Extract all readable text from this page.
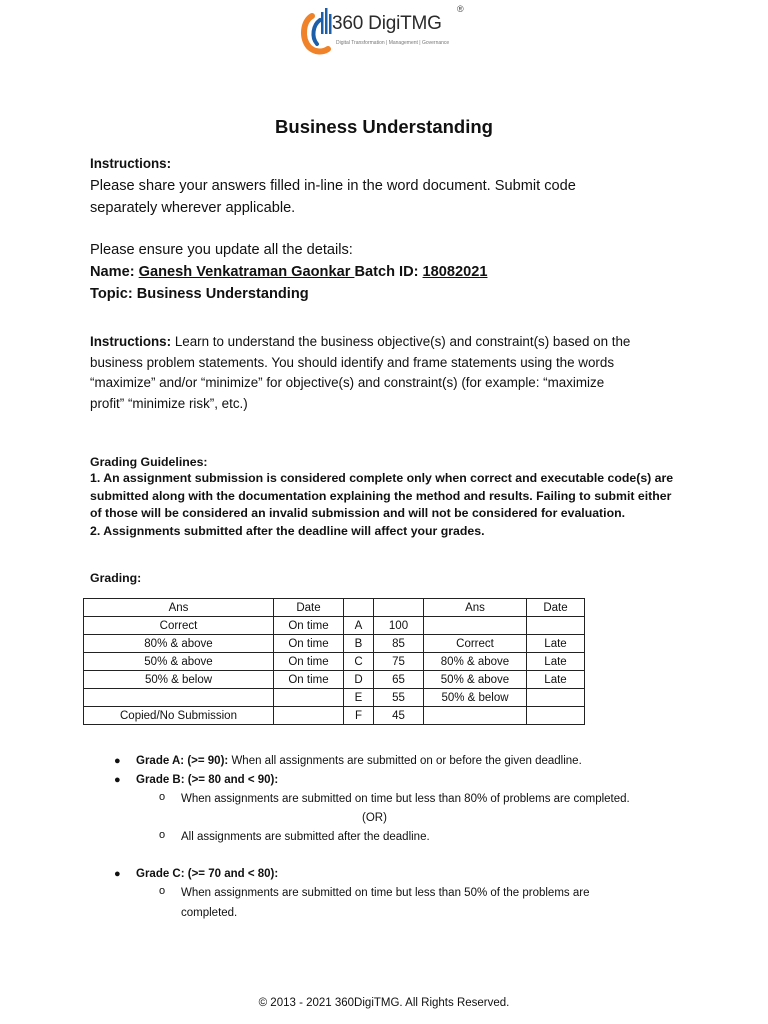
360 DigiTMG
®
Digital Transformation | Management | Governance
Business Understanding
Instructions:
Please share your answers filled in-line in the word document. Submit code
separately wherever applicable.
Please ensure you update all the details:
Name: Ganesh Venkatraman Gaonkar Batch ID: 18082021
Topic: Business Understanding
Instructions: Learn to understand the business objective(s) and constraint(s) based on the
business problem statements. You should identify and frame statements using the words
“maximize” and/or “minimize” for objective(s) and constraint(s) (for example: “maximize
profit” “minimize risk”, etc.)
Grading Guidelines:
1. An assignment submission is considered complete only when correct and executable code(s) are
submitted along with the documentation explaining the method and results. Failing to submit either
of those will be considered an invalid submission and will not be considered for evaluation.
2. Assignments submitted after the deadline will affect your grades.
Grading:
Ans	Date			Ans	Date
Correct	On time	A	100		
80% & above	On time	B	85	Correct	Late
50% & above	On time	C	75	80% & above	Late
50% & below	On time	D	65	50% & above	Late
		E	55	50% & below	
Copied/No Submission		F	45		
● Grade A: (>= 90): When all assignments are submitted on or before the given deadline.
● Grade B: (>= 80 and < 90):
o When assignments are submitted on time but less than 80% of problems are completed.
(OR)
o All assignments are submitted after the deadline.
● Grade C: (>= 70 and < 80):
o When assignments are submitted on time but less than 50% of the problems are
completed.
© 2013 - 2021 360DigiTMG. All Rights Reserved.
